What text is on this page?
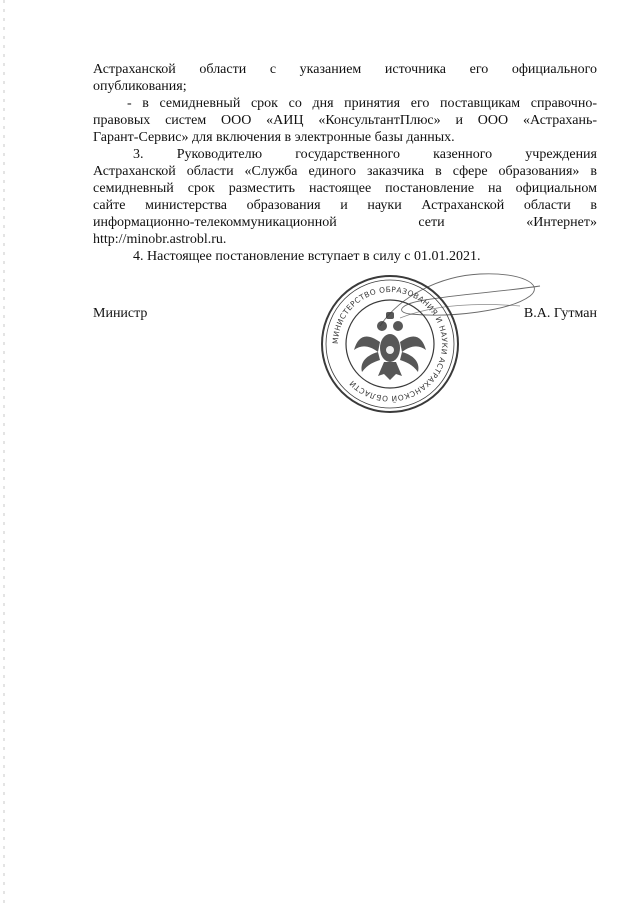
Астраханской области с указанием источника его официального
опубликования;
- в семидневный срок со дня принятия его поставщикам справочно-
правовых систем ООО «АИЦ «КонсультантПлюс» и ООО «Астрахань-
Гарант-Сервис» для включения в электронные базы данных.
3. Руководителю государственного казенного учреждения
Астраханской области «Служба единого заказчика в сфере образования» в
семидневный срок разместить настоящее постановление на официальном
сайте министерства образования и науки Астраханской области в
информационно-телекоммуникационной сети «Интернет»
http://minobr.astrobl.ru.
4. Настоящее постановление вступает в силу с 01.01.2021.
МИНИСТЕРСТВО ОБРАЗОВАНИЯ И НАУКИ АСТРАХАНСКОЙ ОБЛАСТИ
Министр	В.А. Гутман
